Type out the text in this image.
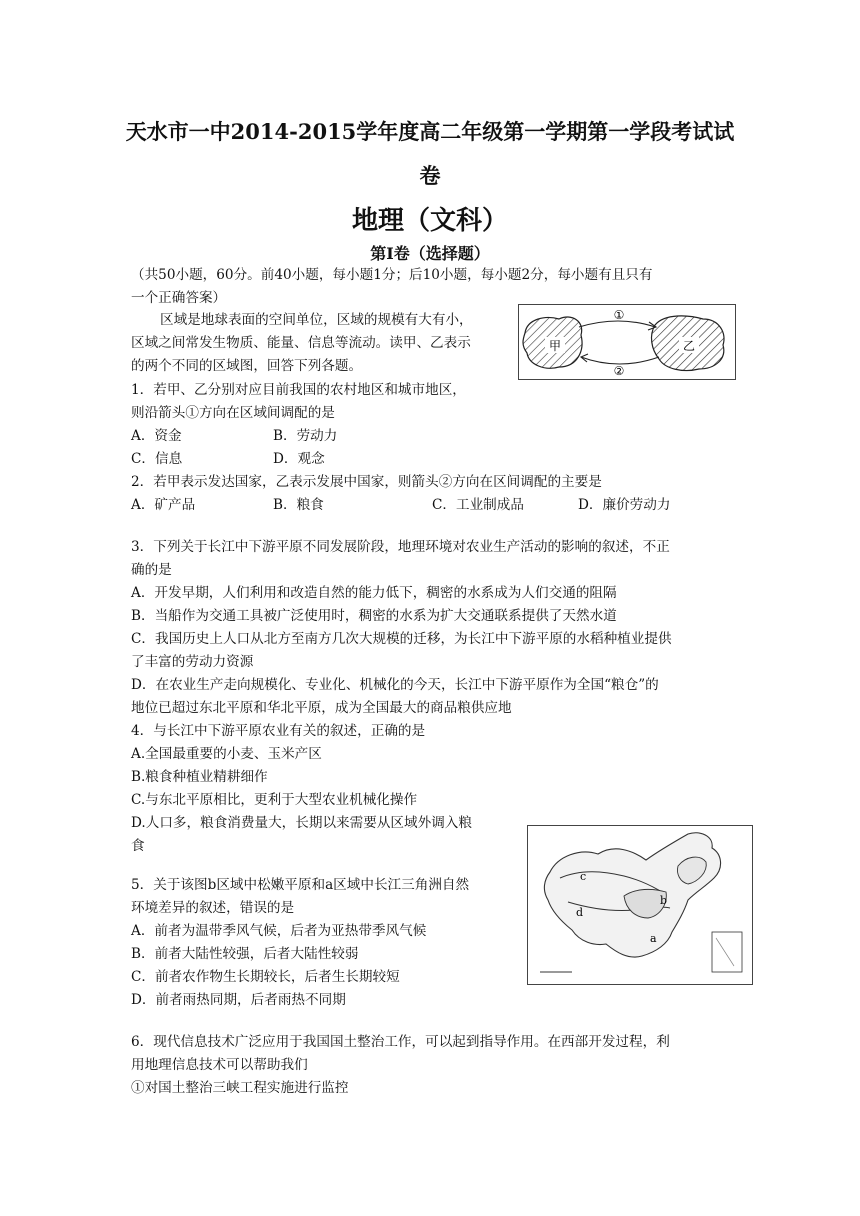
天水市一中2014-2015学年度高二年级第一学期第一学段考试试
卷
地理（文科）
第Ⅰ卷（选择题）
（共50小题，60分。前40小题，每小题1分；后10小题，每小题2分，每小题有且只有
一个正确答案）
区域是地球表面的空间单位，区域的规模有大有小，
区域之间常发生物质、能量、信息等流动。读甲、乙表示
的两个不同的区域图，回答下列各题。
甲	乙
①
②
1．若甲、乙分别对应目前我国的农村地区和城市地区，
则沿箭头①方向在区域间调配的是
A．资金	B．劳动力
C．信息	D．观念
2．若甲表示发达国家，乙表示发展中国家，则箭头②方向在区间调配的主要是
A．矿产品	B．粮食	C．工业制成品	D．廉价劳动力
3．下列关于长江中下游平原不同发展阶段，地理环境对农业生产活动的影响的叙述，不正
确的是
A．开发早期，人们利用和改造自然的能力低下，稠密的水系成为人们交通的阻隔
B．当船作为交通工具被广泛使用时，稠密的水系为扩大交通联系提供了天然水道
C．我国历史上人口从北方至南方几次大规模的迁移，为长江中下游平原的水稻种植业提供
了丰富的劳动力资源
D．在农业生产走向规模化、专业化、机械化的今天，长江中下游平原作为全国“粮仓”的
地位已超过东北平原和华北平原，成为全国最大的商品粮供应地
4．与长江中下游平原农业有关的叙述，正确的是
A.全国最重要的小麦、玉米产区
B.粮食种植业精耕细作
C.与东北平原相比，更利于大型农业机械化操作
D.人口多，粮食消费量大，长期以来需要从区域外调入粮
食
c
d
b
a
5．关于该图b区域中松嫩平原和a区域中长江三角洲自然
环境差异的叙述，错误的是
A．前者为温带季风气候，后者为亚热带季风气候
B．前者大陆性较强，后者大陆性较弱
C．前者农作物生长期较长，后者生长期较短
D．前者雨热同期，后者雨热不同期
6．现代信息技术广泛应用于我国国土整治工作，可以起到指导作用。在西部开发过程，利
用地理信息技术可以帮助我们
①对国土整治三峡工程实施进行监控
